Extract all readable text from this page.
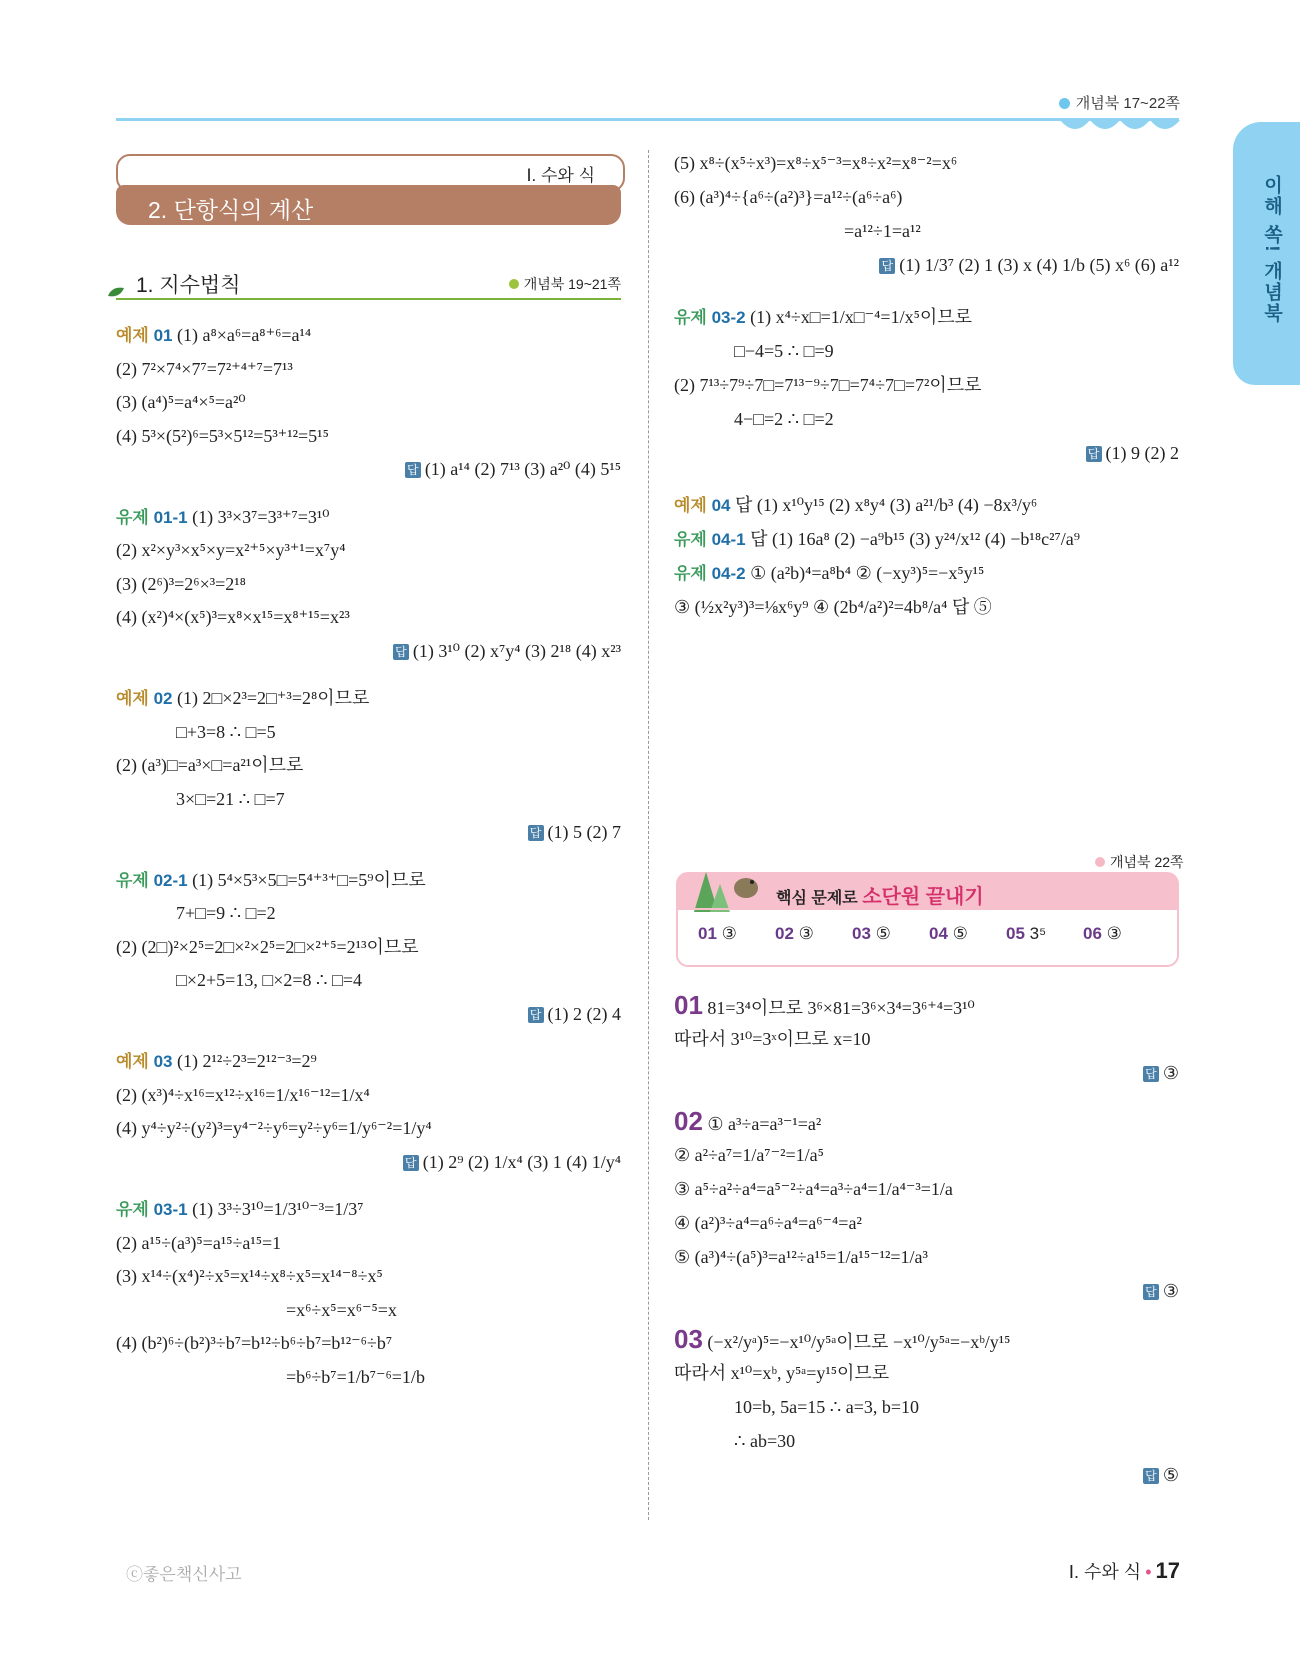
개념북 17~22쪽
이해 쏙! 개념북
Ⅰ. 수와 식
2. 단항식의 계산
1. 지수법칙	개념북 19~21쪽
예제 01 (1) a⁸×a⁶=a⁸⁺⁶=a¹⁴
(2) 7²×7⁴×7⁷=7²⁺⁴⁺⁷=7¹³
(3) (a⁴)⁵=a⁴×⁵=a²⁰
(4) 5³×(5²)⁶=5³×5¹²=5³⁺¹²=5¹⁵
답 (1) a¹⁴ (2) 7¹³ (3) a²⁰ (4) 5¹⁵
유제 01-1 (1) 3³×3⁷=3³⁺⁷=3¹⁰
(2) x²×y³×x⁵×y=x²⁺⁵×y³⁺¹=x⁷y⁴
(3) (2⁶)³=2⁶×³=2¹⁸
(4) (x²)⁴×(x⁵)³=x⁸×x¹⁵=x⁸⁺¹⁵=x²³
답 (1) 3¹⁰ (2) x⁷y⁴ (3) 2¹⁸ (4) x²³
예제 02 (1) 2□×2³=2□⁺³=2⁸이므로
□+3=8 ∴ □=5
(2) (a³)□=a³×□=a²¹이므로
3×□=21 ∴ □=7
답 (1) 5 (2) 7
유제 02-1 (1) 5⁴×5³×5□=5⁴⁺³⁺□=5⁹이므로
7+□=9 ∴ □=2
(2) (2□)²×2⁵=2□×²×2⁵=2□×²⁺⁵=2¹³이므로
□×2+5=13, □×2=8 ∴ □=4
답 (1) 2 (2) 4
예제 03 (1) 2¹²÷2³=2¹²⁻³=2⁹
(2) (x³)⁴÷x¹⁶=x¹²÷x¹⁶=1/x¹⁶⁻¹²=1/x⁴
(4) y⁴÷y²÷(y²)³=y⁴⁻²÷y⁶=y²÷y⁶=1/y⁶⁻²=1/y⁴
답 (1) 2⁹ (2) 1/x⁴ (3) 1 (4) 1/y⁴
유제 03-1 (1) 3³÷3¹⁰=1/3¹⁰⁻³=1/3⁷
(2) a¹⁵÷(a³)⁵=a¹⁵÷a¹⁵=1
(3) x¹⁴÷(x⁴)²÷x⁵=x¹⁴÷x⁸÷x⁵=x¹⁴⁻⁸÷x⁵
=x⁶÷x⁵=x⁶⁻⁵=x
(4) (b²)⁶÷(b²)³÷b⁷=b¹²÷b⁶÷b⁷=b¹²⁻⁶÷b⁷
=b⁶÷b⁷=1/b⁷⁻⁶=1/b
(5) x⁸÷(x⁵÷x³)=x⁸÷x⁵⁻³=x⁸÷x²=x⁸⁻²=x⁶
(6) (a³)⁴÷{a⁶÷(a²)³}=a¹²÷(a⁶÷a⁶)
=a¹²÷1=a¹²
답 (1) 1/3⁷ (2) 1 (3) x (4) 1/b (5) x⁶ (6) a¹²
유제 03-2 (1) x⁴÷x□=1/x□⁻⁴=1/x⁵이므로
□−4=5 ∴ □=9
(2) 7¹³÷7⁹÷7□=7¹³⁻⁹÷7□=7⁴÷7□=7²이므로
4−□=2 ∴ □=2
답 (1) 9 (2) 2
예제 04 답 (1) x¹⁰y¹⁵ (2) x⁸y⁴ (3) a²¹/b³ (4) −8x³/y⁶
유제 04-1 답 (1) 16a⁸ (2) −a⁹b¹⁵ (3) y²⁴/x¹² (4) −b¹⁸c²⁷/a⁹
유제 04-2 ① (a²b)⁴=a⁸b⁴ ② (−xy³)⁵=−x⁵y¹⁵
③ (½x²y³)³=⅛x⁶y⁹ ④ (2b⁴/a²)²=4b⁸/a⁴ 답 ⑤
개념북 22쪽
핵심 문제로 소단원 끝내기
01 ③ 02 ③ 03 ⑤ 04 ⑤ 05 3⁵ 06 ③
01 81=3⁴이므로 3⁶×81=3⁶×3⁴=3⁶⁺⁴=3¹⁰
따라서 3¹⁰=3ˣ이므로 x=10
답 ③
02 ① a³÷a=a³⁻¹=a²
② a²÷a⁷=1/a⁷⁻²=1/a⁵
③ a⁵÷a²÷a⁴=a⁵⁻²÷a⁴=a³÷a⁴=1/a⁴⁻³=1/a
④ (a²)³÷a⁴=a⁶÷a⁴=a⁶⁻⁴=a²
⑤ (a³)⁴÷(a⁵)³=a¹²÷a¹⁵=1/a¹⁵⁻¹²=1/a³
답 ③
03 (−x²/yᵃ)⁵=−x¹⁰/y⁵ᵃ이므로 −x¹⁰/y⁵ᵃ=−xᵇ/y¹⁵
따라서 x¹⁰=xᵇ, y⁵ᵃ=y¹⁵이므로
10=b, 5a=15 ∴ a=3, b=10
∴ ab=30
답 ⑤
ⓒ좋은책신사고	Ⅰ. 수와 식 • 17
